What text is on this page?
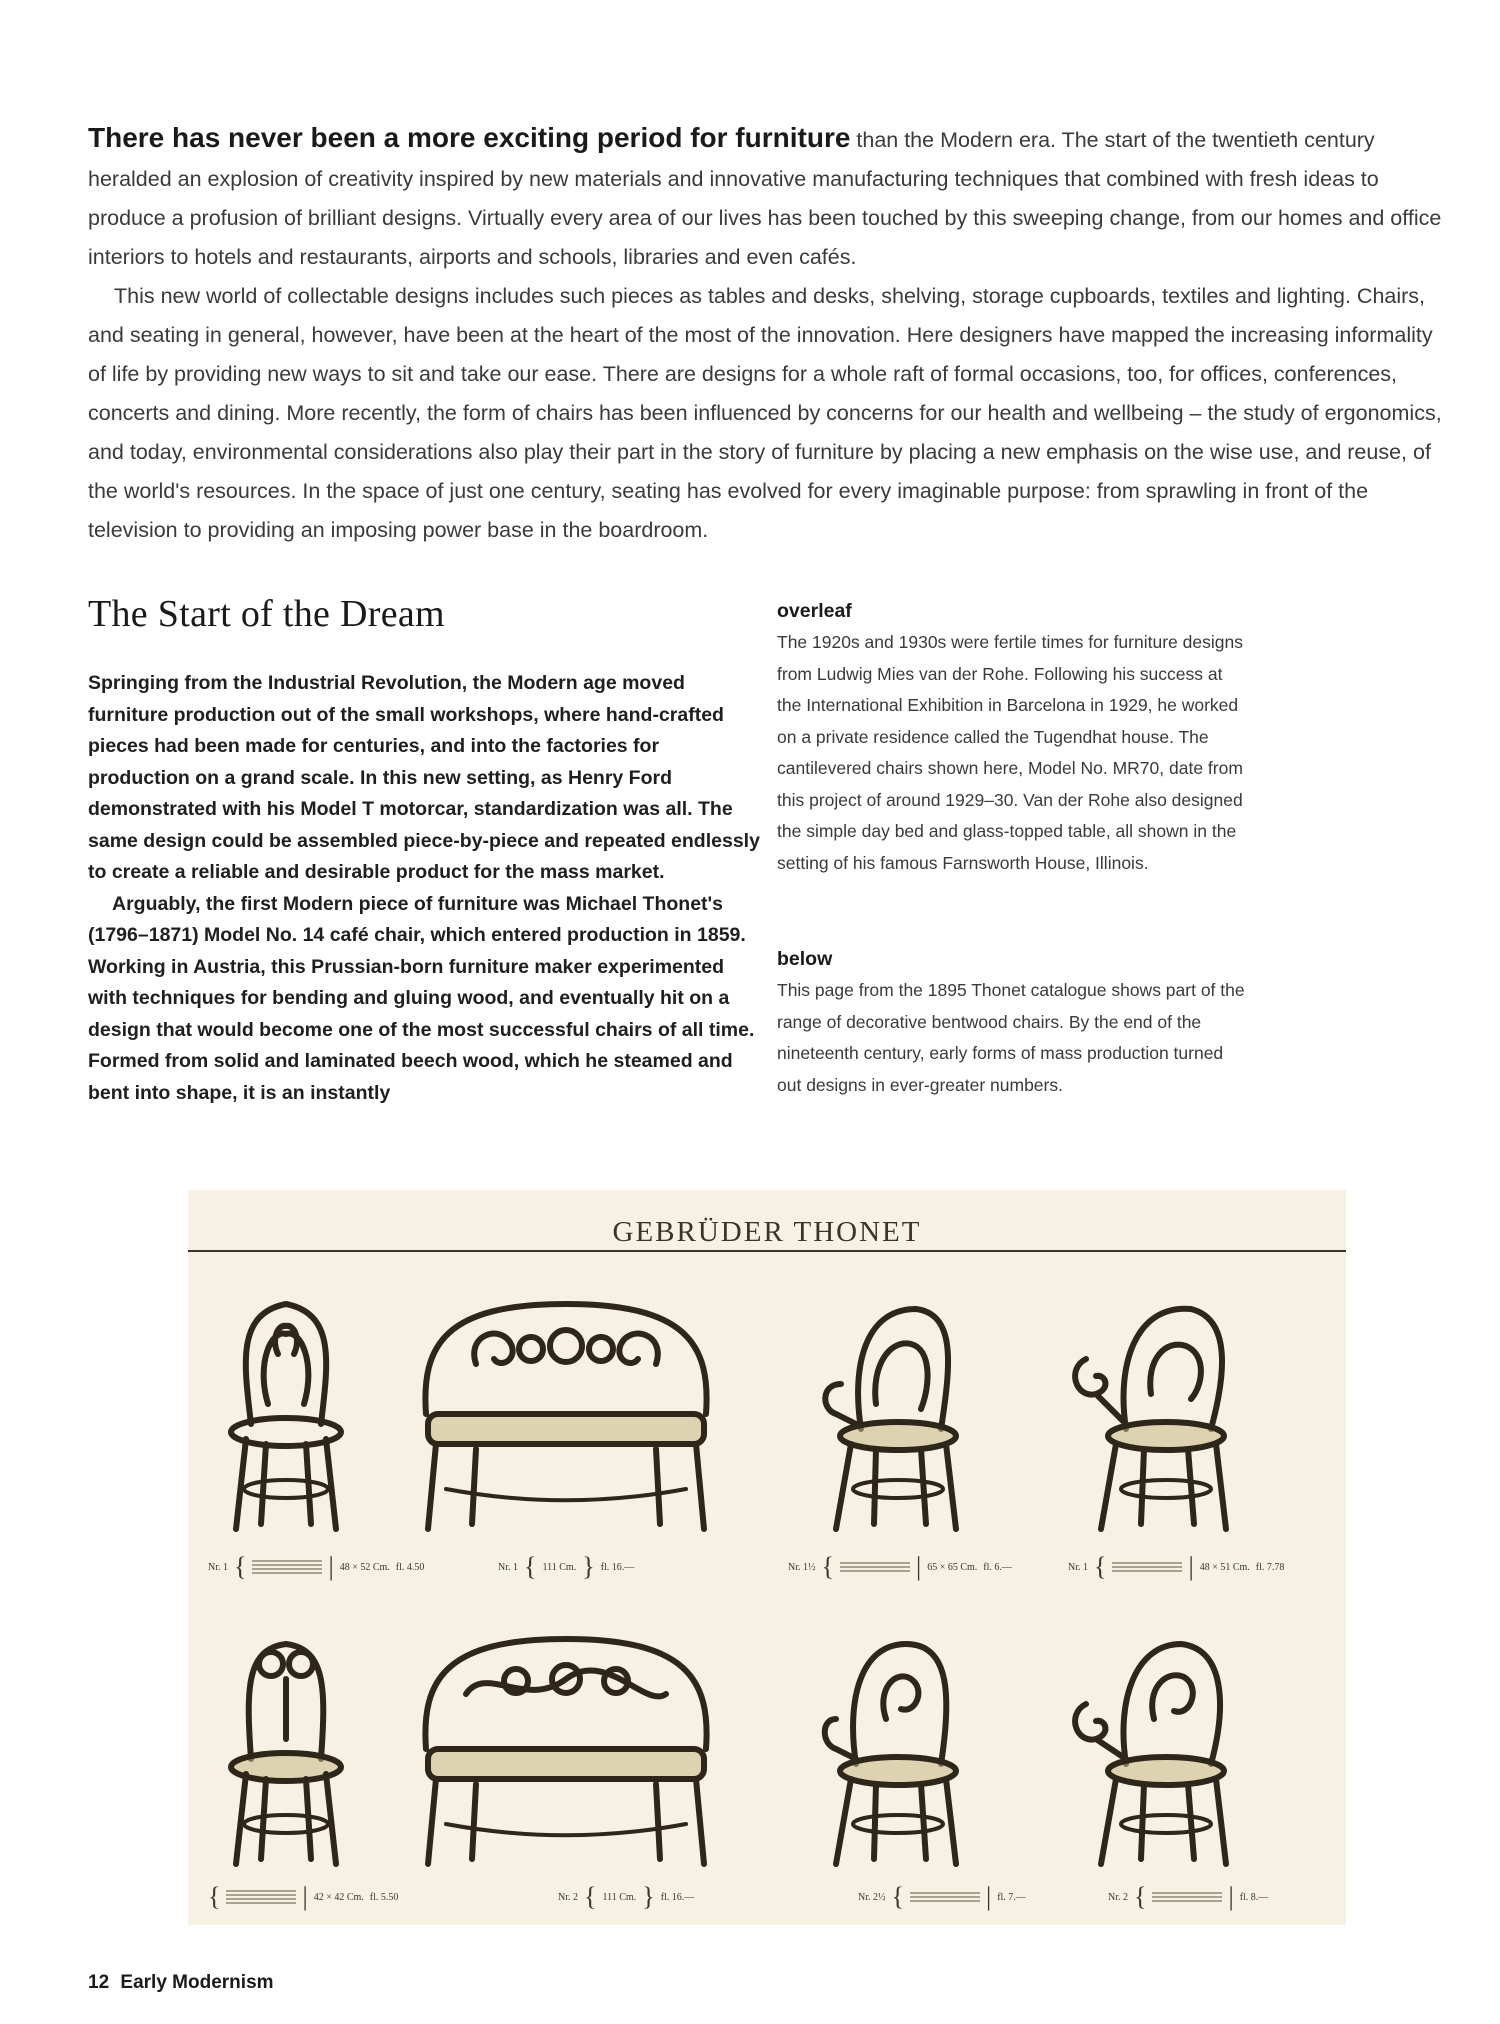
There has never been a more exciting period for furniture than the Modern era. The start of the twentieth century heralded an explosion of creativity inspired by new materials and innovative manufacturing techniques that combined with fresh ideas to produce a profusion of brilliant designs. Virtually every area of our lives has been touched by this sweeping change, from our homes and office interiors to hotels and restaurants, airports and schools, libraries and even cafés.

This new world of collectable designs includes such pieces as tables and desks, shelving, storage cupboards, textiles and lighting. Chairs, and seating in general, however, have been at the heart of the most of the innovation. Here designers have mapped the increasing informality of life by providing new ways to sit and take our ease. There are designs for a whole raft of formal occasions, too, for offices, conferences, concerts and dining. More recently, the form of chairs has been influenced by concerns for our health and wellbeing – the study of ergonomics, and today, environmental considerations also play their part in the story of furniture by placing a new emphasis on the wise use, and reuse, of the world's resources. In the space of just one century, seating has evolved for every imaginable purpose: from sprawling in front of the television to providing an imposing power base in the boardroom.

The Start of the Dream

Springing from the Industrial Revolution, the Modern age moved furniture production out of the small workshops, where hand-crafted pieces had been made for centuries, and into the factories for production on a grand scale. In this new setting, as Henry Ford demonstrated with his Model T motorcar, standardization was all. The same design could be assembled piece-by-piece and repeated endlessly to create a reliable and desirable product for the mass market.

Arguably, the first Modern piece of furniture was Michael Thonet's (1796–1871) Model No. 14 café chair, which entered production in 1859. Working in Austria, this Prussian-born furniture maker experimented with techniques for bending and gluing wood, and eventually hit on a design that would become one of the most successful chairs of all time. Formed from solid and laminated beech wood, which he steamed and bent into shape, it is an instantly

overleaf

The 1920s and 1930s were fertile times for furniture designs from Ludwig Mies van der Rohe. Following his success at the International Exhibition in Barcelona in 1929, he worked on a private residence called the Tugendhat house. The cantilevered chairs shown here, Model No. MR70, date from this project of around 1929–30. Van der Rohe also designed the simple day bed and glass-topped table, all shown in the setting of his famous Farnsworth House, Illinois.

below

This page from the 1895 Thonet catalogue shows part of the range of decorative bentwood chairs. By the end of the nineteenth century, early forms of mass production turned out designs in ever-greater numbers.

GEBRÜDER THONET
Nr. 1 {	| 48 × 52 Cm. fl. 4.50	Nr. 1 { 111 Cm. } fl. 16.—	Nr. 1½ {	| 65 × 65 Cm. fl. 6.—	Nr. 1 {	| 48 × 51 Cm. fl. 7.78
{	| 42 × 42 Cm. fl. 5.50	Nr. 2 { 111 Cm. } fl. 16.—	Nr. 2½ {	| fl. 7.—	Nr. 2 {	| fl. 8.—
12 Early Modernism
